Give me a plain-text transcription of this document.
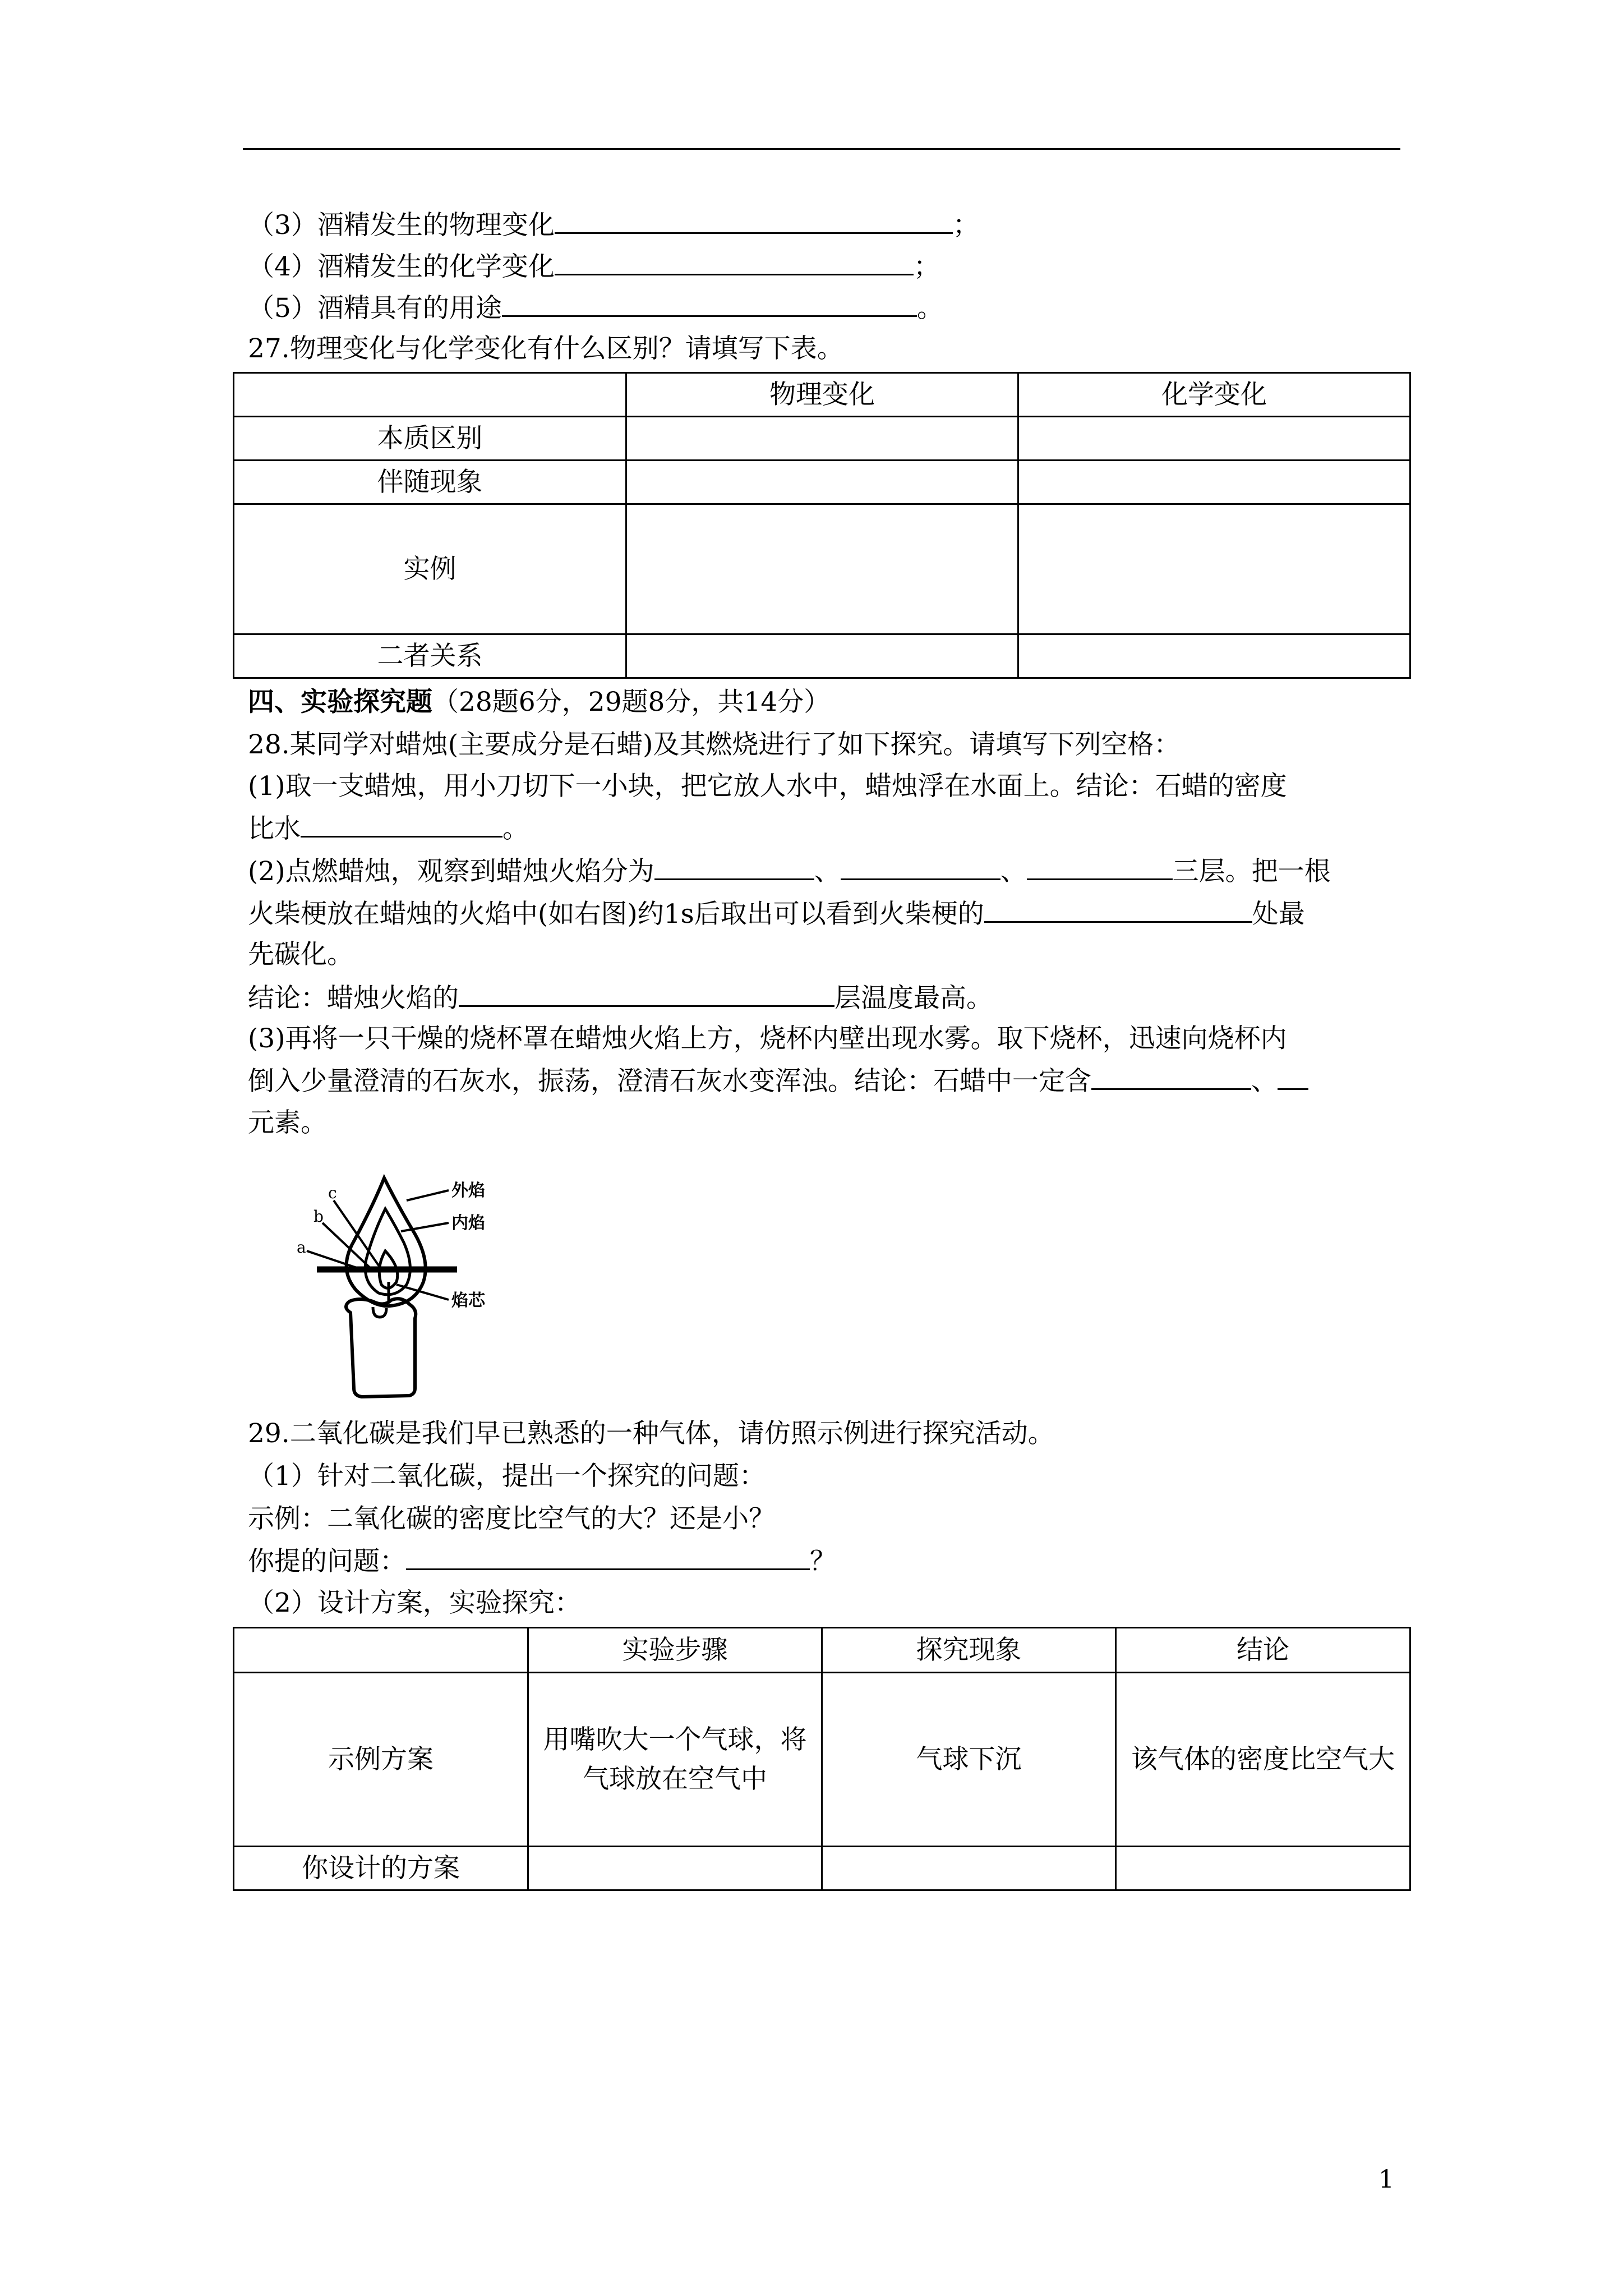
（3）酒精发生的物理变化	；
（4）酒精发生的化学变化	；
（5）酒精具有的用途	。
27.物理变化与化学变化有什么区别？请填写下表。
	物理变化	化学变化
本质区别		
伴随现象		
实例		
二者关系		
四、实验探究题（28题6分，29题8分，共14分）
28.某同学对蜡烛(主要成分是石蜡)及其燃烧进行了如下探究。请填写下列空格：
(1)取一支蜡烛，用小刀切下一小块，把它放人水中，蜡烛浮在水面上。结论：石蜡的密度
比水	。
(2)点燃蜡烛，观察到蜡烛火焰分为	、	、	三层。把一根
火柴梗放在蜡烛的火焰中(如右图)约1s后取出可以看到火柴梗的	处最
先碳化。
结论：蜡烛火焰的	层温度最高。
(3)再将一只干燥的烧杯罩在蜡烛火焰上方，烧杯内壁出现水雾。取下烧杯，迅速向烧杯内
倒入少量澄清的石灰水，振荡，澄清石灰水变浑浊。结论：石蜡中一定含	、
元素。
外焰
内焰
焰芯
a
b
c
29.二氧化碳是我们早已熟悉的一种气体，请仿照示例进行探究活动。
（1）针对二氧化碳，提出一个探究的问题：
示例：二氧化碳的密度比空气的大？还是小？
你提的问题：	？
（2）设计方案，实验探究：
	实验步骤	探究现象	结论
示例方案	用嘴吹大一个气球，将气球放在空气中	气球下沉	该气体的密度比空气大
你设计的方案			
1
